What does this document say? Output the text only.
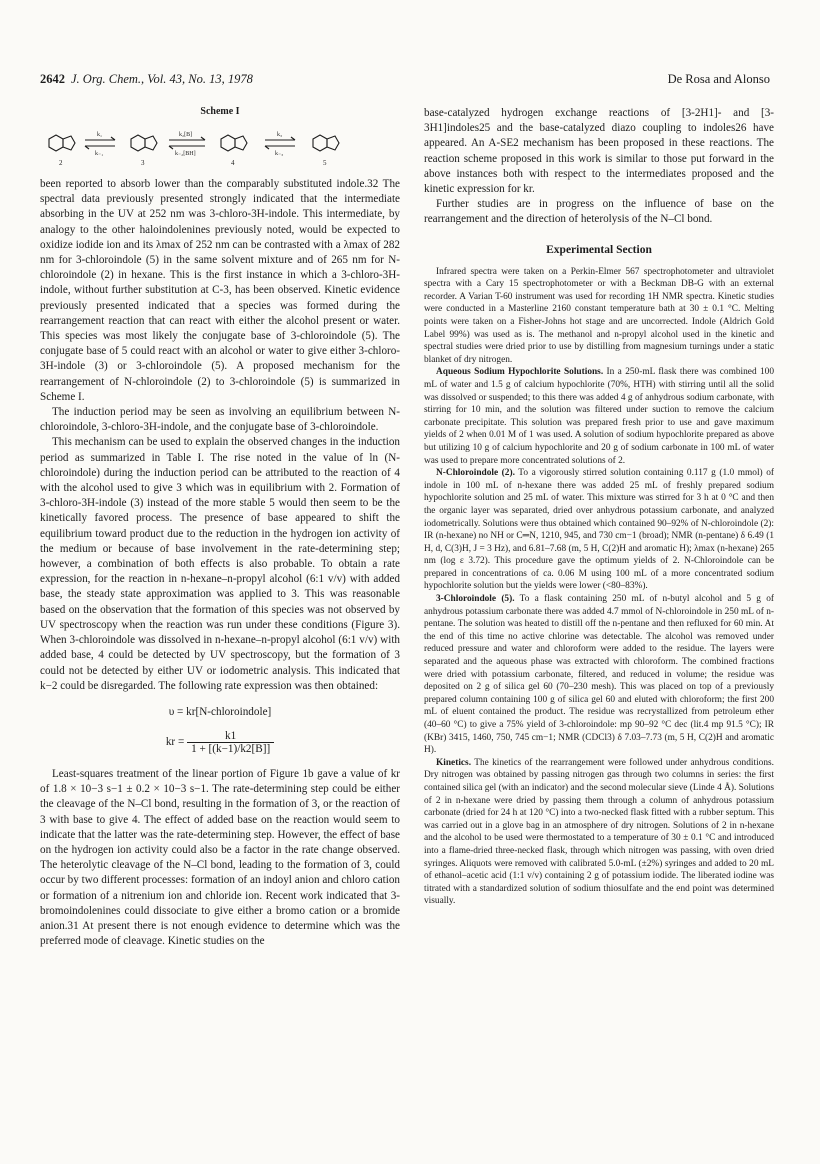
2642 J. Org. Chem., Vol. 43, No. 13, 1978	De Rosa and Alonso
Scheme I
k₁
k₋₁
k₂[B]
k₋₂[BH]
k₃
k₋₃
2	3	4	5

been reported to absorb lower than the comparably substituted indole.32 The spectral data previously presented strongly indicated that the intermediate absorbing in the UV at 252 nm was 3-chloro-3H-indole. This intermediate, by analogy to the other haloindolenines previously noted, would be expected to oxidize iodide ion and its λmax of 252 nm can be contrasted with a λmax of 282 nm for 3-chloroindole (5) in the same solvent mixture and of 265 nm for N-chloroindole (2) in hexane. This is the first instance in which a 3-chloro-3H-indole, without further substitution at C-3, has been observed. Kinetic evidence previously presented indicated that a species was formed during the rearrangement reaction that can react with either the alcohol present or water. This species was most likely the conjugate base of 3-chloroindole (5). The conjugate base of 5 could react with an alcohol or water to give either 3-chloro-3H-indole (3) or 3-chloroindole (5). A proposed mechanism for the rearrangement of N-chloroindole (2) to 3-chloroindole (5) is summarized in Scheme I.

The induction period may be seen as involving an equilibrium between N-chloroindole, 3-chloro-3H-indole, and the conjugate base of 3-chloroindole.

This mechanism can be used to explain the observed changes in the induction period as summarized in Table I. The rise noted in the value of ln (N-chloroindole) during the induction period can be attributed to the reaction of 4 with the alcohol used to give 3 which was in equilibrium with 2. Formation of 3-chloro-3H-indole (3) instead of the more stable 5 would then seem to be the kinetically favored process. The presence of base appeared to shift the equilibrium toward product due to the reduction in the hydrogen ion activity of the medium or because of base involvement in the rate-determining step; however, a combination of both effects is also probable. To obtain a rate expression, for the reaction in n-hexane–n-propyl alcohol (6:1 v/v) with added base, the steady state approximation was applied to 3. This was reasonable based on the observation that the formation of this species was not observed by UV spectroscopy when the reaction was run under these conditions (Figure 3). When 3-chloroindole was dissolved in n-hexane–n-propyl alcohol (6:1 v/v) with added base, 4 could be detected by UV spectroscopy, but the formation of 3 could not be detected by either UV or iodometric analysis. This indicated that k−2 could be disregarded. The following rate expression was then obtained:

υ = kr[N-chloroindole]
kr = $\frac{k1}{1 + [(k-1)/k2[B]]}$

Least-squares treatment of the linear portion of Figure 1b gave a value of kr of 1.8 × 10−3 s−1 ± 0.2 × 10−3 s−1. The rate-determining step could be either the cleavage of the N–Cl bond, resulting in the formation of 3, or the reaction of 3 with base to give 4. The effect of added base on the reaction would seem to indicate that the latter was the rate-determining step. However, the effect of base on the hydrogen ion activity could also be a factor in the rate change observed. The heterolytic cleavage of the N–Cl bond, leading to the formation of 3, could occur by two different processes: formation of an indoyl anion and chloro cation or formation of a nitrenium ion and chloride ion. Recent work indicated that 3-bromoindolenines could dissociate to give either a bromo cation or a bromide anion.31 At present there is not enough evidence to determine which was the preferred mode of cleavage. Kinetic studies on the

base-catalyzed hydrogen exchange reactions of [3-2H1]- and [3-3H1]indoles25 and the base-catalyzed diazo coupling to indoles26 have appeared. An A-SE2 mechanism has been proposed in these reactions. The reaction scheme proposed in this work is similar to those put forward in the above instances both with respect to the intermediates proposed and the kinetic expression for kr.

Further studies are in progress on the influence of base on the rearrangement and the direction of heterolysis of the N–Cl bond.

Experimental Section

Infrared spectra were taken on a Perkin-Elmer 567 spectrophotometer and ultraviolet spectra with a Cary 15 spectrophotometer or with a Beckman DB-G with an external recorder. A Varian T-60 instrument was used for recording 1H NMR spectra. Kinetic studies were conducted in a Masterline 2160 constant temperature bath at 30 ± 0.1 °C. Melting points were taken on a Fisher-Johns hot stage and are uncorrected. Indole (Aldrich Gold Label 99%) was used as is. The methanol and n-propyl alcohol used in the kinetic and spectral studies were dried prior to use by distilling from magnesium turnings under a static blanket of dry nitrogen.

Aqueous Sodium Hypochlorite Solutions. In a 250-mL flask there was combined 100 mL of water and 1.5 g of calcium hypochlorite (70%, HTH) with stirring until all the solid was dissolved or suspended; to this there was added 4 g of anhydrous sodium carbonate, with stirring for 10 min, and the solution was filtered under suction to remove the calcium carbonate precipitate. This solution was prepared fresh prior to use and gave maximum yields of 2 when 0.01 M of 1 was used. A solution of sodium hypochlorite prepared as above but utilizing 10 g of calcium hypochlorite and 20 g of sodium carbonate in 100 mL of water was used to prepare more concentrated solutions of 2.

N-Chloroindole (2). To a vigorously stirred solution containing 0.117 g (1.0 mmol) of indole in 100 mL of n-hexane there was added 25 mL of freshly prepared sodium hypochlorite solution and 25 mL of water. This mixture was stirred for 3 h at 0 °C and then the organic layer was separated, dried over anhydrous potassium carbonate, and analyzed iodometrically. Solutions were thus obtained which contained 90–92% of N-chloroindole (2): IR (n-hexane) no NH or C═N, 1210, 945, and 730 cm−1 (broad); NMR (n-pentane) δ 6.49 (1 H, d, C(3)H, J = 3 Hz), and 6.81–7.68 (m, 5 H, C(2)H and aromatic H); λmax (n-hexane) 265 nm (log ε 3.72). This procedure gave the optimum yields of 2. N-Chloroindole can be prepared in concentrations of ca. 0.06 M using 100 mL of a more concentrated sodium hypochlorite solution but the yields were lower (<80–83%).

3-Chloroindole (5). To a flask containing 250 mL of n-butyl alcohol and 5 g of anhydrous potassium carbonate there was added 4.7 mmol of N-chloroindole in 250 mL of n-pentane. The solution was heated to distill off the n-pentane and then refluxed for 60 min. At the end of this time no active chlorine was detectable. The alcohol was removed under reduced pressure and water and chloroform were added to the residue. The layers were separated and the aqueous phase was extracted with chloroform. The combined fractions were dried with potassium carbonate, filtered, and reduced in volume; the residue was deposited on 2 g of silica gel 60 (70–230 mesh). This was placed on top of a previously prepared column containing 100 g of silica gel 60 and eluted with chloroform; the first 200 mL of eluent contained the product. The residue was recrystallized from petroleum ether (40–60 °C) to give a 75% yield of 3-chloroindole: mp 90–92 °C dec (lit.4 mp 91.5 °C); IR (KBr) 3415, 1460, 750, 745 cm−1; NMR (CDCl3) δ 7.03–7.73 (m, 5 H, C(2)H and aromatic H).

Kinetics. The kinetics of the rearrangement were followed under anhydrous conditions. Dry nitrogen was obtained by passing nitrogen gas through two columns in series: the first contained silica gel (with an indicator) and the second molecular sieve (Linde 4 Å). Solutions of 2 in n-hexane were dried by passing them through a column of anhydrous potassium carbonate (dried for 24 h at 120 °C) into a two-necked flask fitted with a rubber septum. This was carried out in a glove bag in an atmosphere of dry nitrogen. Solutions of 2 in n-hexane and the alcohol to be used were thermostated to a temperature of 30 ± 0.1 °C and introduced into a flame-dried three-necked flask, through which nitrogen was passing, with oven dried syringes. Aliquots were removed with calibrated 5.0-mL (±2%) syringes and added to 20 mL of ethanol–acetic acid (1:1 v/v) containing 2 g of potassium iodide. The liberated iodine was titrated with a standardized solution of sodium thiosulfate and the end point was determined visually.
